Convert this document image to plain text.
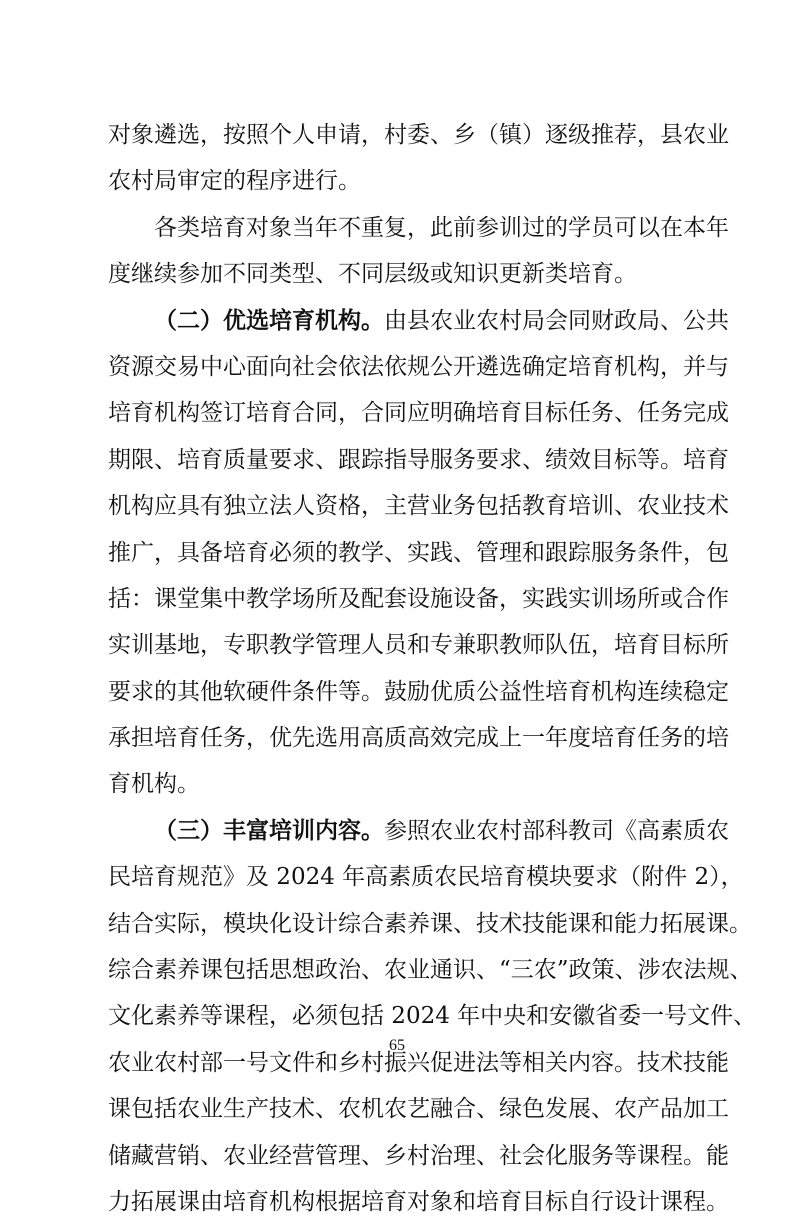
对象遴选，按照个人申请，村委、乡（镇）逐级推荐，县农业
农村局审定的程序进行。
各类培育对象当年不重复，此前参训过的学员可以在本年
度继续参加不同类型、不同层级或知识更新类培育。
（二）优选培育机构。由县农业农村局会同财政局、公共
资源交易中心面向社会依法依规公开遴选确定培育机构，并与
培育机构签订培育合同，合同应明确培育目标任务、任务完成
期限、培育质量要求、跟踪指导服务要求、绩效目标等。培育
机构应具有独立法人资格，主营业务包括教育培训、农业技术
推广，具备培育必须的教学、实践、管理和跟踪服务条件，包
括：课堂集中教学场所及配套设施设备，实践实训场所或合作
实训基地，专职教学管理人员和专兼职教师队伍，培育目标所
要求的其他软硬件条件等。鼓励优质公益性培育机构连续稳定
承担培育任务，优先选用高质高效完成上一年度培育任务的培
育机构。
（三）丰富培训内容。参照农业农村部科教司《高素质农
民培育规范》及 2024 年高素质农民培育模块要求（附件 2），
结合实际，模块化设计综合素养课、技术技能课和能力拓展课。
综合素养课包括思想政治、农业通识、“三农”政策、涉农法规、
文化素养等课程，必须包括 2024 年中央和安徽省委一号文件、
农业农村部一号文件和乡村振兴促进法等相关内容。技术技能
课包括农业生产技术、农机农艺融合、绿色发展、农产品加工
储藏营销、农业经营管理、乡村治理、社会化服务等课程。能
力拓展课由培育机构根据培育对象和培育目标自行设计课程。
65
